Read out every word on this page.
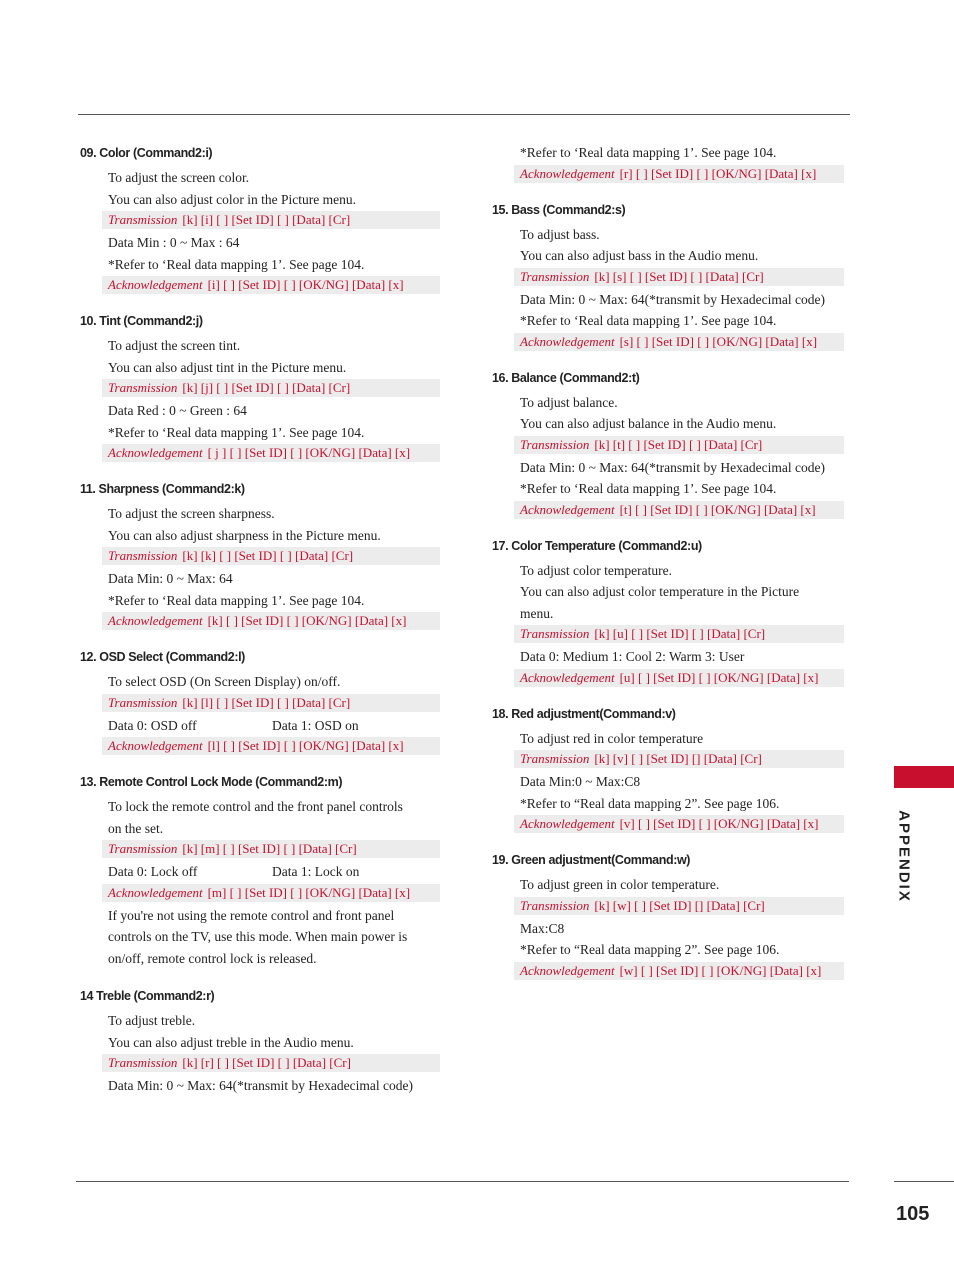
09. Color (Command2:i)
To adjust the screen color.
You can also adjust color in the Picture menu.
Transmission [k] [i] [ ] [Set ID] [ ] [Data] [Cr]
Data Min : 0 ~ Max : 64
*Refer to ‘Real data mapping 1’. See page 104.
Acknowledgement [i] [ ] [Set ID] [ ] [OK/NG] [Data] [x]
10. Tint (Command2:j)
To adjust the screen tint.
You can also adjust tint in the Picture menu.
Transmission [k] [j] [ ] [Set ID] [ ] [Data] [Cr]
Data Red : 0 ~ Green : 64
*Refer to ‘Real data mapping 1’. See page 104.
Acknowledgement [ j ] [ ] [Set ID] [ ] [OK/NG] [Data] [x]
11. Sharpness (Command2:k)
To adjust the screen sharpness.
You can also adjust sharpness in the Picture menu.
Transmission [k] [k] [ ] [Set ID] [ ] [Data] [Cr]
Data Min: 0 ~ Max: 64
*Refer to ‘Real data mapping 1’. See page 104.
Acknowledgement [k] [ ] [Set ID] [ ] [OK/NG] [Data] [x]
12. OSD Select (Command2:l)
To select OSD (On Screen Display) on/off.
Transmission [k] [l] [ ] [Set ID] [ ] [Data] [Cr]
Data 0: OSD off	Data 1: OSD on
Acknowledgement [l] [ ] [Set ID] [ ] [OK/NG] [Data] [x]
13. Remote Control Lock Mode (Command2:m)
To lock the remote control and the front panel controls
on the set.
Transmission [k] [m] [ ] [Set ID] [ ] [Data] [Cr]
Data 0: Lock off	Data 1: Lock on
Acknowledgement [m] [ ] [Set ID] [ ] [OK/NG] [Data] [x]
If you're not using the remote control and front panel
controls on the TV, use this mode. When main power is
on/off, remote control lock is released.
14 Treble (Command2:r)
To adjust treble.
You can also adjust treble in the Audio menu.
Transmission [k] [r] [ ] [Set ID] [ ] [Data] [Cr]
Data Min: 0 ~ Max: 64(*transmit by Hexadecimal code)
*Refer to ‘Real data mapping 1’. See page 104.
Acknowledgement [r] [ ] [Set ID] [ ] [OK/NG] [Data] [x]
15. Bass (Command2:s)
To adjust bass.
You can also adjust bass in the Audio menu.
Transmission [k] [s] [ ] [Set ID] [ ] [Data] [Cr]
Data Min: 0 ~ Max: 64(*transmit by Hexadecimal code)
*Refer to ‘Real data mapping 1’. See page 104.
Acknowledgement [s] [ ] [Set ID] [ ] [OK/NG] [Data] [x]
16. Balance (Command2:t)
To adjust balance.
You can also adjust balance in the Audio menu.
Transmission [k] [t] [ ] [Set ID] [ ] [Data] [Cr]
Data Min: 0 ~ Max: 64(*transmit by Hexadecimal code)
*Refer to ‘Real data mapping 1’. See page 104.
Acknowledgement [t] [ ] [Set ID] [ ] [OK/NG] [Data] [x]
17. Color Temperature (Command2:u)
To adjust color temperature.
You can also adjust color temperature in the Picture
menu.
Transmission [k] [u] [ ] [Set ID] [ ] [Data] [Cr]
Data 0: Medium 1: Cool 2: Warm 3: User
Acknowledgement [u] [ ] [Set ID] [ ] [OK/NG] [Data] [x]
18. Red adjustment(Command:v)
To adjust red in color temperature
Transmission [k] [v] [ ] [Set ID] [] [Data] [Cr]
Data Min:0 ~ Max:C8
*Refer to “Real data mapping 2”. See page 106.
Acknowledgement [v] [ ] [Set ID] [ ] [OK/NG] [Data] [x]
19. Green adjustment(Command:w)
To adjust green in color temperature.
Transmission [k] [w] [ ] [Set ID] [] [Data] [Cr]
Max:C8
*Refer to “Real data mapping 2”. See page 106.
Acknowledgement [w] [ ] [Set ID] [ ] [OK/NG] [Data] [x]
APPENDIX
105
